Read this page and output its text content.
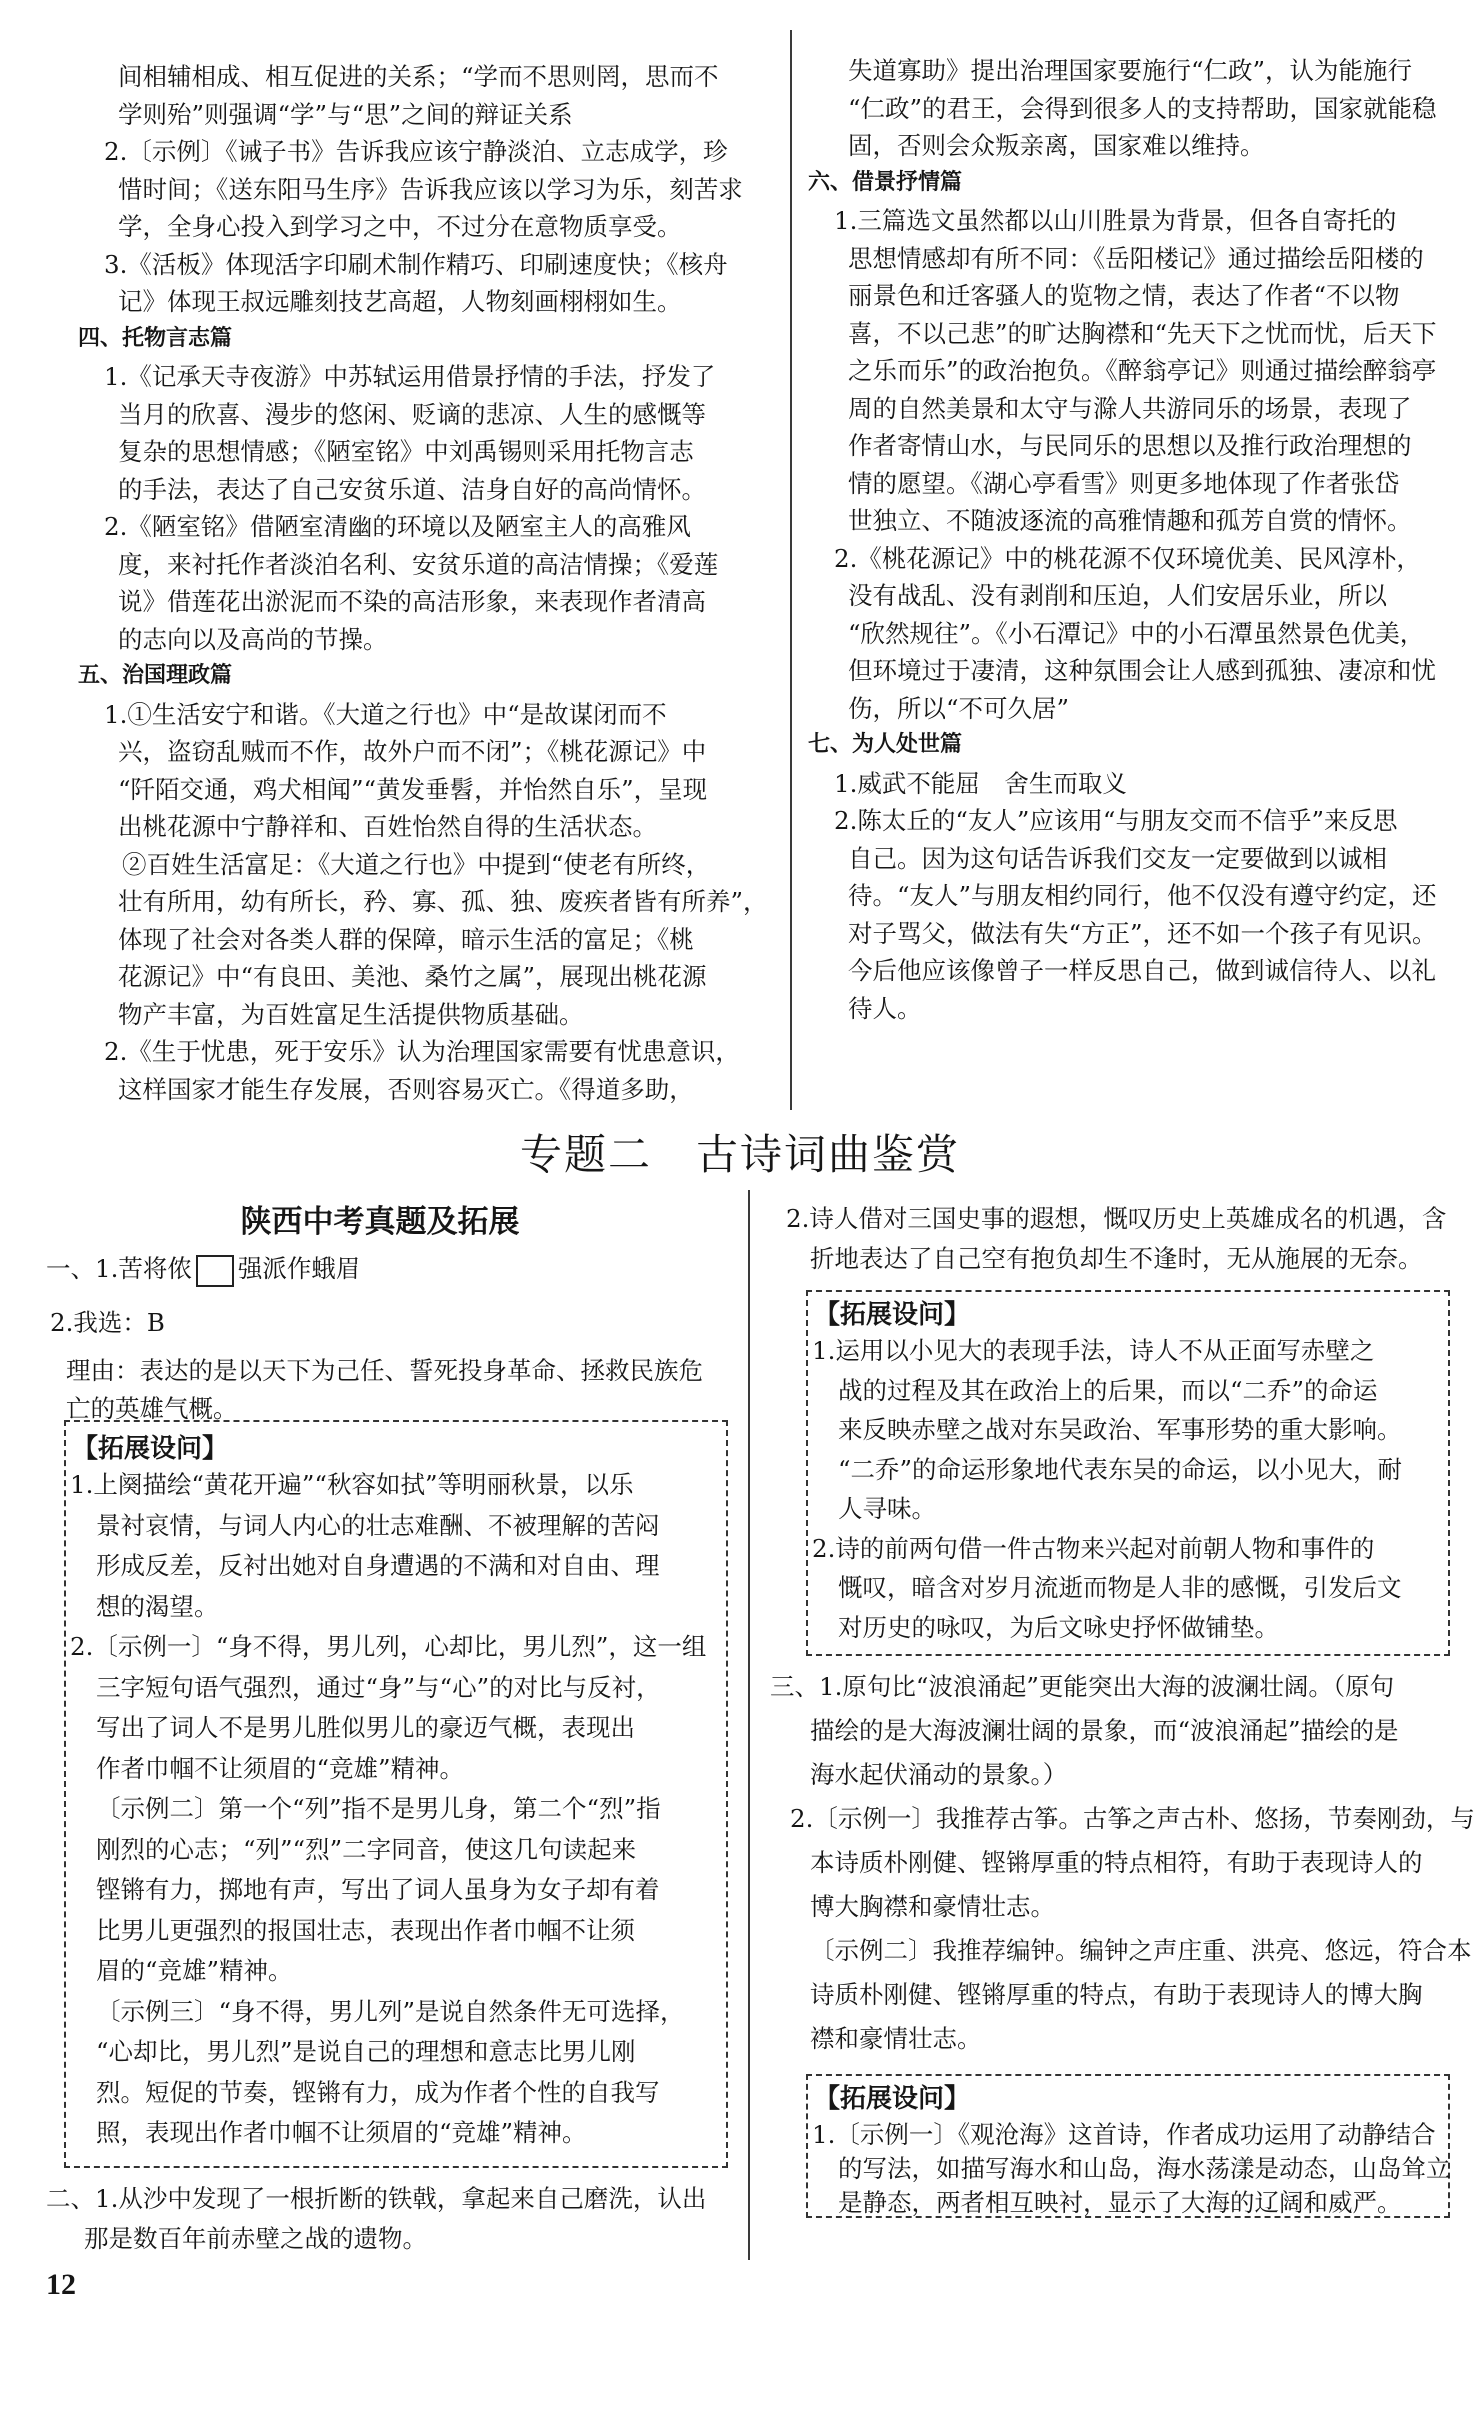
间相辅相成、相互促进的关系；“学而不思则罔，思而不
学则殆”则强调“学”与“思”之间的辩证关系
2.〔示例〕《诫子书》告诉我应该宁静淡泊、立志成学，珍
惜时间；《送东阳马生序》告诉我应该以学习为乐，刻苦求
学，全身心投入到学习之中，不过分在意物质享受。
3.《活板》体现活字印刷术制作精巧、印刷速度快；《核舟
记》体现王叔远雕刻技艺高超，人物刻画栩栩如生。
四、托物言志篇
1.《记承天寺夜游》中苏轼运用借景抒情的手法，抒发了
当月的欣喜、漫步的悠闲、贬谪的悲凉、人生的感慨等
复杂的思想情感；《陋室铭》中刘禹锡则采用托物言志
的手法，表达了自己安贫乐道、洁身自好的高尚情怀。
2.《陋室铭》借陋室清幽的环境以及陋室主人的高雅风
度，来衬托作者淡泊名利、安贫乐道的高洁情操；《爱莲
说》借莲花出淤泥而不染的高洁形象，来表现作者清高
的志向以及高尚的节操。
五、治国理政篇
1.①生活安宁和谐。《大道之行也》中“是故谋闭而不
兴，盗窃乱贼而不作，故外户而不闭”；《桃花源记》中
“阡陌交通，鸡犬相闻”“黄发垂髫，并怡然自乐”，呈现
出桃花源中宁静祥和、百姓怡然自得的生活状态。
②百姓生活富足：《大道之行也》中提到“使老有所终，
壮有所用，幼有所长，矜、寡、孤、独、废疾者皆有所养”，
体现了社会对各类人群的保障，暗示生活的富足；《桃
花源记》中“有良田、美池、桑竹之属”，展现出桃花源
物产丰富，为百姓富足生活提供物质基础。
2.《生于忧患，死于安乐》认为治理国家需要有忧患意识，
这样国家才能生存发展，否则容易灭亡。《得道多助，
失道寡助》提出治理国家要施行“仁政”，认为能施行
“仁政”的君王，会得到很多人的支持帮助，国家就能稳
固，否则会众叛亲离，国家难以维持。
六、借景抒情篇
1.三篇选文虽然都以山川胜景为背景，但各自寄托的
思想情感却有所不同：《岳阳楼记》通过描绘岳阳楼的
丽景色和迁客骚人的览物之情，表达了作者“不以物
喜，不以己悲”的旷达胸襟和“先天下之忧而忧，后天下
之乐而乐”的政治抱负。《醉翁亭记》则通过描绘醉翁亭
周的自然美景和太守与滁人共游同乐的场景，表现了
作者寄情山水，与民同乐的思想以及推行政治理想的
情的愿望。《湖心亭看雪》则更多地体现了作者张岱
世独立、不随波逐流的高雅情趣和孤芳自赏的情怀。
2.《桃花源记》中的桃花源不仅环境优美、民风淳朴，
没有战乱、没有剥削和压迫，人们安居乐业，所以
“欣然规往”。《小石潭记》中的小石潭虽然景色优美，
但环境过于凄清，这种氛围会让人感到孤独、凄凉和忧
伤，所以“不可久居”
七、为人处世篇
1.威武不能屈　舍生而取义
2.陈太丘的“友人”应该用“与朋友交而不信乎”来反思
自己。因为这句话告诉我们交友一定要做到以诚相
待。“友人”与朋友相约同行，他不仅没有遵守约定，还
对子骂父，做法有失“方正”，还不如一个孩子有见识。
今后他应该像曾子一样反思自己，做到诚信待人、以礼
待人。
专题二　古诗词曲鉴赏
陕西中考真题及拓展
一、1.苦将侬 强派作蛾眉
2.我选：B
理由：表达的是以天下为己任、誓死投身革命、拯救民族危
亡的英雄气概。
【拓展设问】
1.上阕描绘“黄花开遍”“秋容如拭”等明丽秋景，以乐
景衬哀情，与词人内心的壮志难酬、不被理解的苦闷
形成反差，反衬出她对自身遭遇的不满和对自由、理
想的渴望。
2.〔示例一〕“身不得，男儿列，心却比，男儿烈”，这一组
三字短句语气强烈，通过“身”与“心”的对比与反衬，
写出了词人不是男儿胜似男儿的豪迈气概，表现出
作者巾帼不让须眉的“竞雄”精神。
〔示例二〕第一个“列”指不是男儿身，第二个“烈”指
刚烈的心志；“列”“烈”二字同音，使这几句读起来
铿锵有力，掷地有声，写出了词人虽身为女子却有着
比男儿更强烈的报国壮志，表现出作者巾帼不让须
眉的“竞雄”精神。
〔示例三〕“身不得，男儿列”是说自然条件无可选择，
“心却比，男儿烈”是说自己的理想和意志比男儿刚
烈。短促的节奏，铿锵有力，成为作者个性的自我写
照，表现出作者巾帼不让须眉的“竞雄”精神。
二、1.从沙中发现了一根折断的铁戟，拿起来自己磨洗，认出
那是数百年前赤壁之战的遗物。
2.诗人借对三国史事的遐想，慨叹历史上英雄成名的机遇，含
折地表达了自己空有抱负却生不逢时，无从施展的无奈。
【拓展设问】
1.运用以小见大的表现手法，诗人不从正面写赤壁之
战的过程及其在政治上的后果，而以“二乔”的命运
来反映赤壁之战对东吴政治、军事形势的重大影响。
“二乔”的命运形象地代表东吴的命运，以小见大，耐
人寻味。
2.诗的前两句借一件古物来兴起对前朝人物和事件的
慨叹，暗含对岁月流逝而物是人非的感慨，引发后文
对历史的咏叹，为后文咏史抒怀做铺垫。
三、1.原句比“波浪涌起”更能突出大海的波澜壮阔。（原句
描绘的是大海波澜壮阔的景象，而“波浪涌起”描绘的是
海水起伏涌动的景象。）
2.〔示例一〕我推荐古筝。古筝之声古朴、悠扬，节奏刚劲，与
本诗质朴刚健、铿锵厚重的特点相符，有助于表现诗人的
博大胸襟和豪情壮志。
〔示例二〕我推荐编钟。编钟之声庄重、洪亮、悠远，符合本
诗质朴刚健、铿锵厚重的特点，有助于表现诗人的博大胸
襟和豪情壮志。
【拓展设问】
1.〔示例一〕《观沧海》这首诗，作者成功运用了动静结合
的写法，如描写海水和山岛，海水荡漾是动态，山岛耸立
是静态，两者相互映衬，显示了大海的辽阔和威严。
12
